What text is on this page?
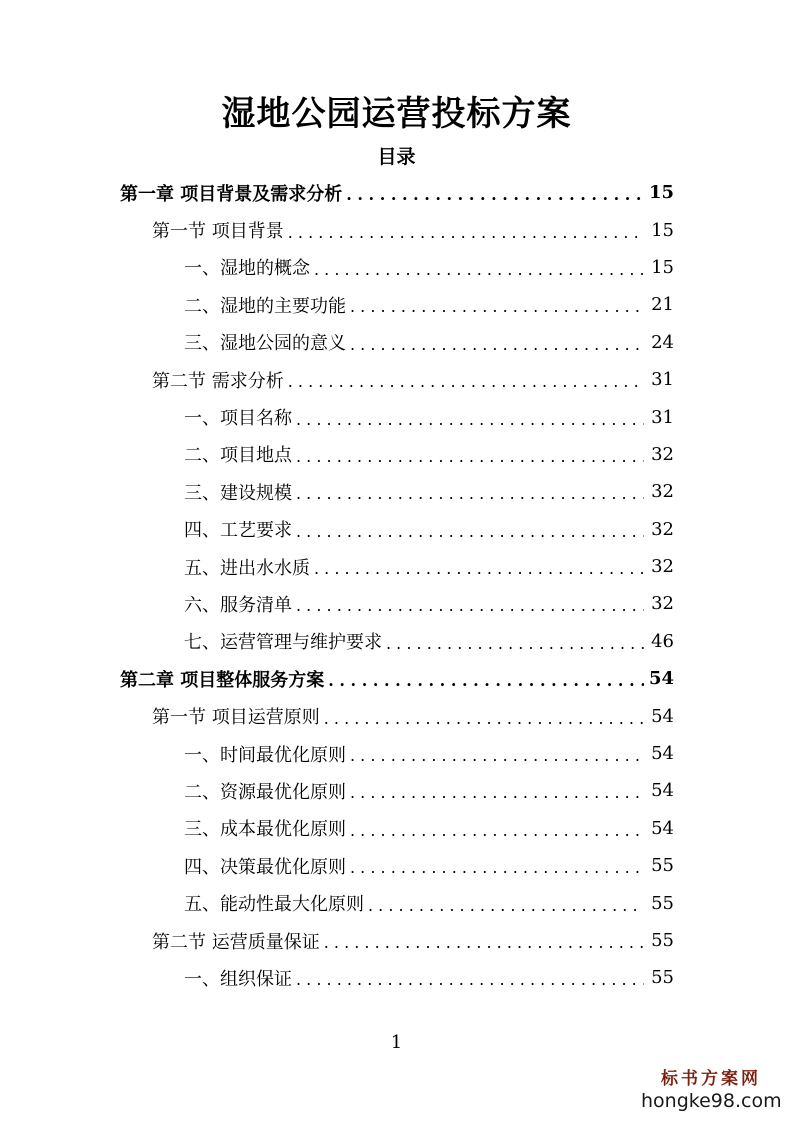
湿地公园运营投标方案
目录
第一章 项目背景及需求分析 . . .	15
第一节 项目背景 . . .	15
一、湿地的概念 . . .	15
二、湿地的主要功能 . . .	21
三、湿地公园的意义 . . .	24
第二节 需求分析 . . .	31
一、项目名称 . . .	31
二、项目地点 . . .	32
三、建设规模 . . .	32
四、工艺要求 . . .	32
五、进出水水质 . . .	32
六、服务清单 . . .	32
七、运营管理与维护要求 . . .	46
第二章 项目整体服务方案 . . .	54
第一节 项目运营原则 . . .	54
一、时间最优化原则 . . .	54
二、资源最优化原则 . . .	54
三、成本最优化原则 . . .	54
四、决策最优化原则 . . .	55
五、能动性最大化原则 . . .	55
第二节 运营质量保证 . . .	55
一、组织保证 . . .	55
1
标书方案网
hongke98.com
